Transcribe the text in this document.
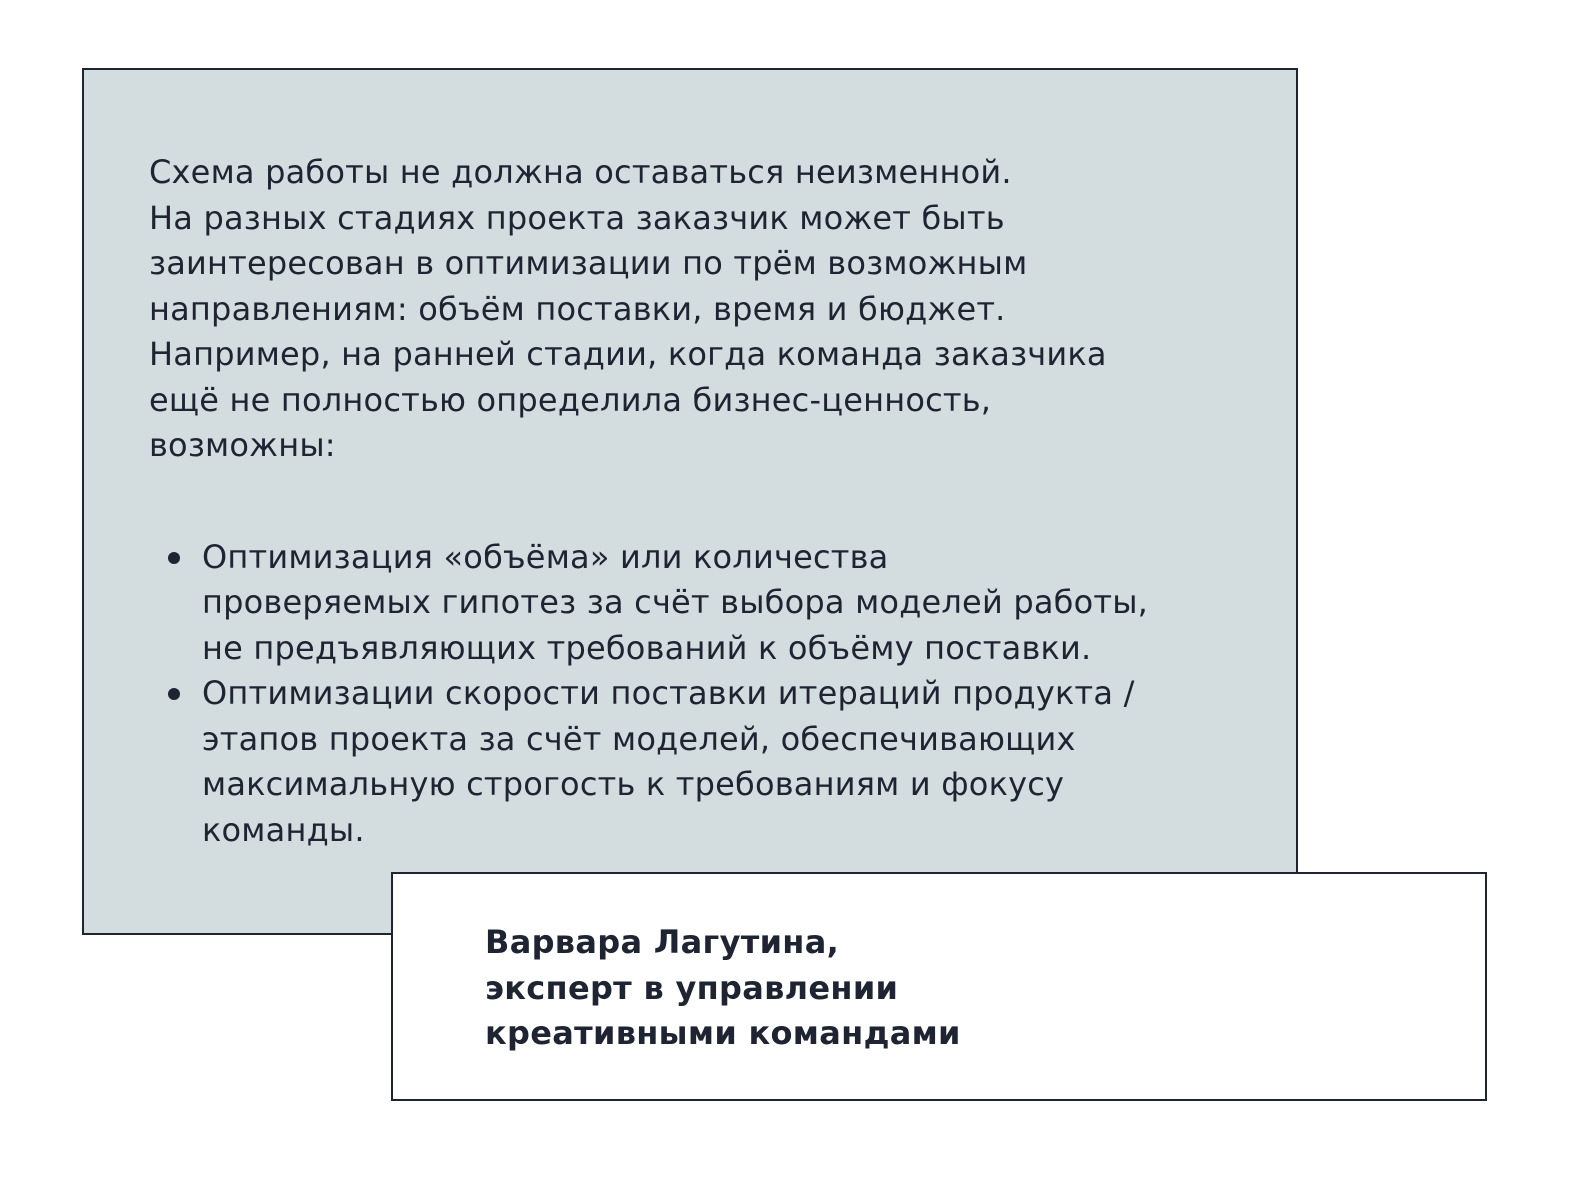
Схема работы не должна оставаться неизменной.
На разных стадиях проекта заказчик может быть
заинтересован в оптимизации по трём возможным
направлениям: объём поставки, время и бюджет.
Например, на ранней стадии, когда команда заказчика
ещё не полностью определила бизнес-ценность,
возможны:

Оптимизация «объёма» или количества
проверяемых гипотез за счёт выбора моделей работы,
не предъявляющих требований к объёму поставки.
Оптимизации скорости поставки итераций продукта /
этапов проекта за счёт моделей, обеспечивающих
максимальную строгость к требованиям и фокусу
команды.
Варвара Лагутина,
эксперт в управлении
креативными командами
